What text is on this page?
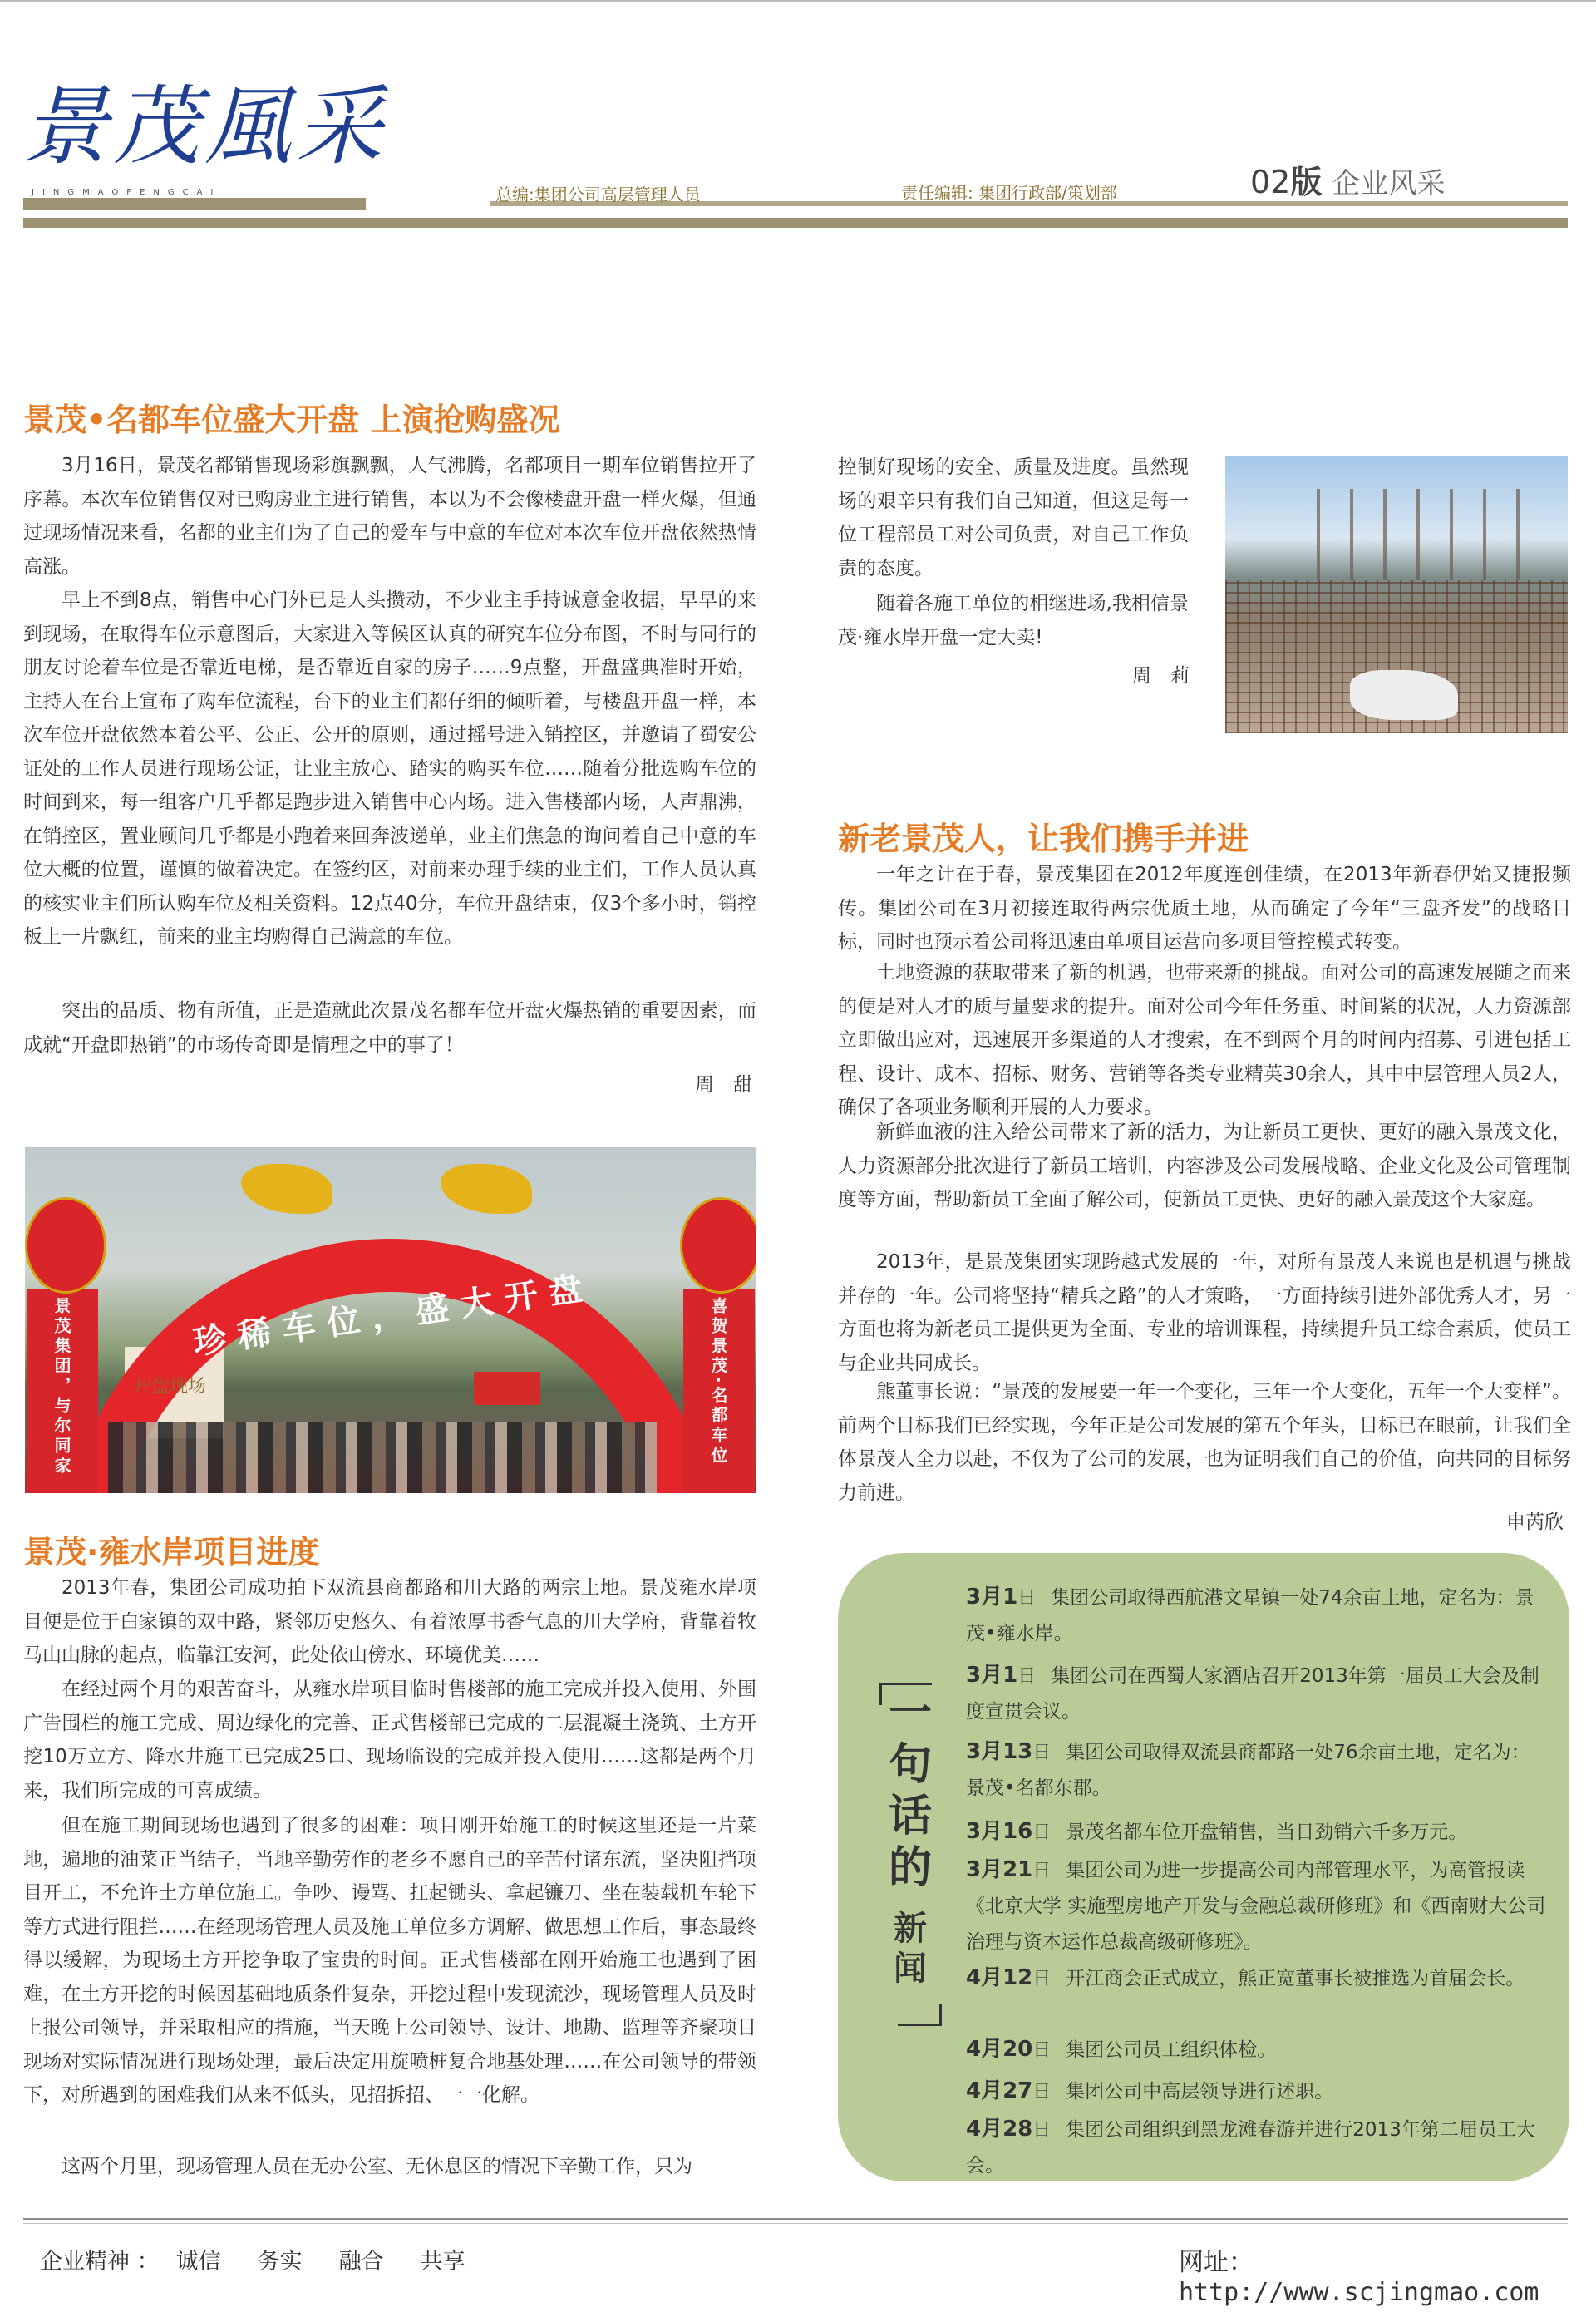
景茂風采
JINGMAOFENGCAI	总编:集团公司高层管理人员	责任编辑: 集团行政部/策划部	02版 企业风采
景茂•名都车位盛大开盘 上演抢购盛况

3月16日，景茂名都销售现场彩旗飘飘，人气沸腾，名都项目一期车位销售拉开了序幕。本次车位销售仅对已购房业主进行销售，本以为不会像楼盘开盘一样火爆，但通过现场情况来看，名都的业主们为了自己的爱车与中意的车位对本次车位开盘依然热情高涨。

早上不到8点，销售中心门外已是人头攒动，不少业主手持诚意金收据，早早的来到现场，在取得车位示意图后，大家进入等候区认真的研究车位分布图，不时与同行的朋友讨论着车位是否靠近电梯，是否靠近自家的房子……9点整，开盘盛典准时开始，主持人在台上宣布了购车位流程，台下的业主们都仔细的倾听着，与楼盘开盘一样，本次车位开盘依然本着公平、公正、公开的原则，通过摇号进入销控区，并邀请了蜀安公证处的工作人员进行现场公证，让业主放心、踏实的购买车位……随着分批选购车位的时间到来，每一组客户几乎都是跑步进入销售中心内场。进入售楼部内场，人声鼎沸，在销控区，置业顾问几乎都是小跑着来回奔波递单，业主们焦急的询问着自己中意的车位大概的位置，谨慎的做着决定。在签约区，对前来办理手续的业主们，工作人员认真的核实业主们所认购车位及相关资料。12点40分，车位开盘结束，仅3个多小时，销控板上一片飘红，前来的业主均购得自己满意的车位。

突出的品质、物有所值，正是造就此次景茂名都车位开盘火爆热销的重要因素，而成就“开盘即热销”的市场传奇即是情理之中的事了！

周　甜
珍稀车位，盛大开盘
景茂集团，与尔同家	喜贺景茂·名都车位
开盘现场
景茂·雍水岸项目进度

2013年春，集团公司成功拍下双流县商都路和川大路的两宗土地。景茂雍水岸项目便是位于白家镇的双中路，紧邻历史悠久、有着浓厚书香气息的川大学府，背靠着牧马山山脉的起点，临靠江安河，此处依山傍水、环境优美……

在经过两个月的艰苦奋斗，从雍水岸项目临时售楼部的施工完成并投入使用、外围广告围栏的施工完成、周边绿化的完善、正式售楼部已完成的二层混凝土浇筑、土方开挖10万立方、降水井施工已完成25口、现场临设的完成并投入使用……这都是两个月来，我们所完成的可喜成绩。

但在施工期间现场也遇到了很多的困难：项目刚开始施工的时候这里还是一片菜地，遍地的油菜正当结子，当地辛勤劳作的老乡不愿自己的辛苦付诸东流，坚决阻挡项目开工，不允许土方单位施工。争吵、谩骂、扛起锄头、拿起镰刀、坐在装载机车轮下等方式进行阻拦……在经现场管理人员及施工单位多方调解、做思想工作后，事态最终得以缓解，为现场土方开挖争取了宝贵的时间。正式售楼部在刚开始施工也遇到了困难，在土方开挖的时候因基础地质条件复杂，开挖过程中发现流沙，现场管理人员及时上报公司领导，并采取相应的措施，当天晚上公司领导、设计、地勘、监理等齐聚项目现场对实际情况进行现场处理，最后决定用旋喷桩复合地基处理……在公司领导的带领下，对所遇到的困难我们从来不低头，见招拆招、一一化解。

这两个月里，现场管理人员在无办公室、无休息区的情况下辛勤工作，只为

控制好现场的安全、质量及进度。虽然现场的艰辛只有我们自己知道，但这是每一位工程部员工对公司负责，对自己工作负责的态度。

随着各施工单位的相继进场,我相信景茂·雍水岸开盘一定大卖!

周　莉
新老景茂人，让我们携手并进

一年之计在于春，景茂集团在2012年度连创佳绩，在2013年新春伊始又捷报频传。集团公司在3月初接连取得两宗优质土地，从而确定了今年“三盘齐发”的战略目标，同时也预示着公司将迅速由单项目运营向多项目管控模式转变。

土地资源的获取带来了新的机遇，也带来新的挑战。面对公司的高速发展随之而来的便是对人才的质与量要求的提升。面对公司今年任务重、时间紧的状况，人力资源部立即做出应对，迅速展开多渠道的人才搜索，在不到两个月的时间内招募、引进包括工程、设计、成本、招标、财务、营销等各类专业精英30余人，其中中层管理人员2人，确保了各项业务顺利开展的人力要求。

新鲜血液的注入给公司带来了新的活力，为让新员工更快、更好的融入景茂文化，人力资源部分批次进行了新员工培训，内容涉及公司发展战略、企业文化及公司管理制度等方面，帮助新员工全面了解公司，使新员工更快、更好的融入景茂这个大家庭。

2013年，是景茂集团实现跨越式发展的一年，对所有景茂人来说也是机遇与挑战并存的一年。公司将坚持“精兵之路”的人才策略，一方面持续引进外部优秀人才，另一方面也将为新老员工提供更为全面、专业的培训课程，持续提升员工综合素质，使员工与企业共同成长。

熊董事长说：“景茂的发展要一年一个变化，三年一个大变化，五年一个大变样”。前两个目标我们已经实现，今年正是公司发展的第五个年头，目标已在眼前，让我们全体景茂人全力以赴，不仅为了公司的发展，也为证明我们自己的价值，向共同的目标努力前进。

申芮欣
一句话的
新闻
3月1日 集团公司取得西航港文星镇一处74余亩土地，定名为：景茂•雍水岸。
3月1日 集团公司在西蜀人家酒店召开2013年第一届员工大会及制度宣贯会议。
3月13日 集团公司取得双流县商都路一处76余亩土地，定名为：景茂•名都东郡。
3月16日 景茂名都车位开盘销售，当日劲销六千多万元。
3月21日 集团公司为进一步提高公司内部管理水平，为高管报读《北京大学 实施型房地产开发与金融总裁研修班》和《西南财大公司治理与资本运作总裁高级研修班》。
4月12日 开江商会正式成立，熊正宽董事长被推选为首届会长。
4月20日 集团公司员工组织体检。
4月27日 集团公司中高层领导进行述职。
4月28日 集团公司组织到黑龙滩春游并进行2013年第二届员工大会。
企业精神 ： 诚信 务实 融合 共享	网址：http://www.scjingmao.com
